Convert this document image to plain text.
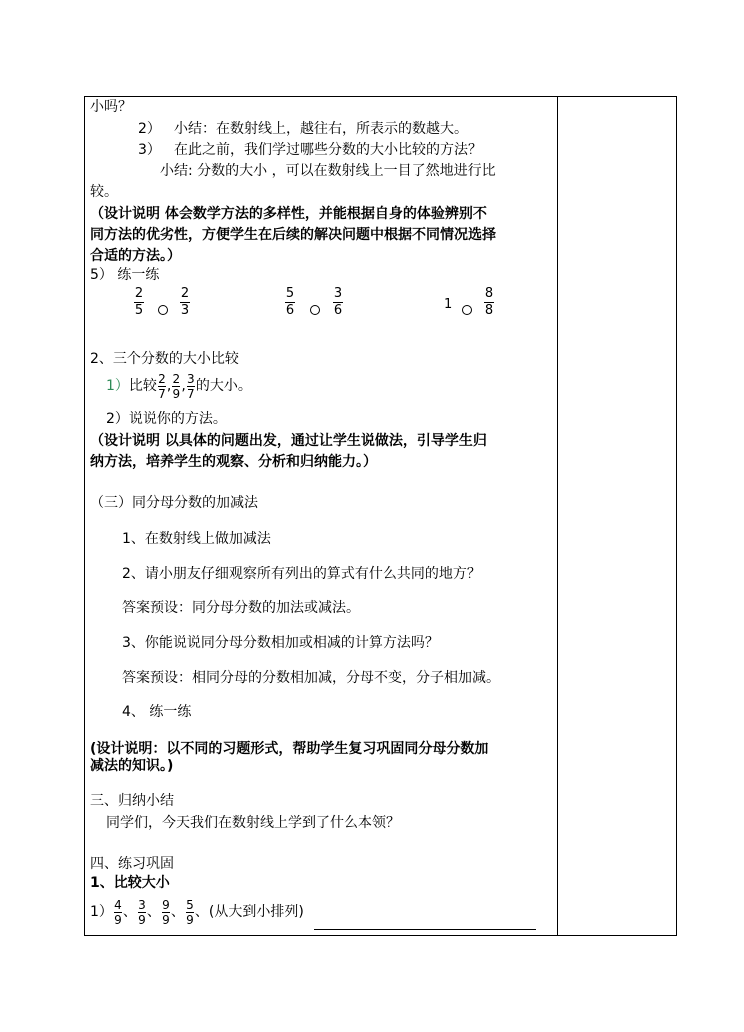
小吗？
2） 小结：在数射线上，越往右，所表示的数越大。
3） 在此之前，我们学过哪些分数的大小比较的方法？
小结: 分数的大小 ，可以在数射线上一目了然地进行比
较。
（设计说明 体会数学方法的多样性，并能根据自身的体验辨别不
同方法的优劣性，方便学生在后续的解决问题中根据不同情况选择
合适的方法。）
5） 练一练
2
5
2
3
5
6
3
6	1
8
8
2、三个分数的大小比较
1）比较 $\frac{2}{7}$ , $\frac{2}{9}$ , $\frac{3}{7}$ 的大小。
2）说说你的方法。
（设计说明 以具体的问题出发，通过让学生说做法，引导学生归
纳方法，培养学生的观察、分析和归纳能力。）
（三）同分母分数的加减法
1、在数射线上做加减法
2、请小朋友仔细观察所有列出的算式有什么共同的地方？
答案预设：同分母分数的加法或减法。
3、你能说说同分母分数相加或相减的计算方法吗？
答案预设：相同分母的分数相加减，分母不变，分子相加减。
4、 练一练
(设计说明：以不同的习题形式，帮助学生复习巩固同分母分数加
减法的知识。)
三、归纳小结
同学们，今天我们在数射线上学到了什么本领？
四、练习巩固
1、比较大小
$1) \frac{4}{9}$ 、 $\frac{3}{9}$ 、 $\frac{9}{9}$ 、 $\frac{5}{9}$ 、(从大到小排列)
